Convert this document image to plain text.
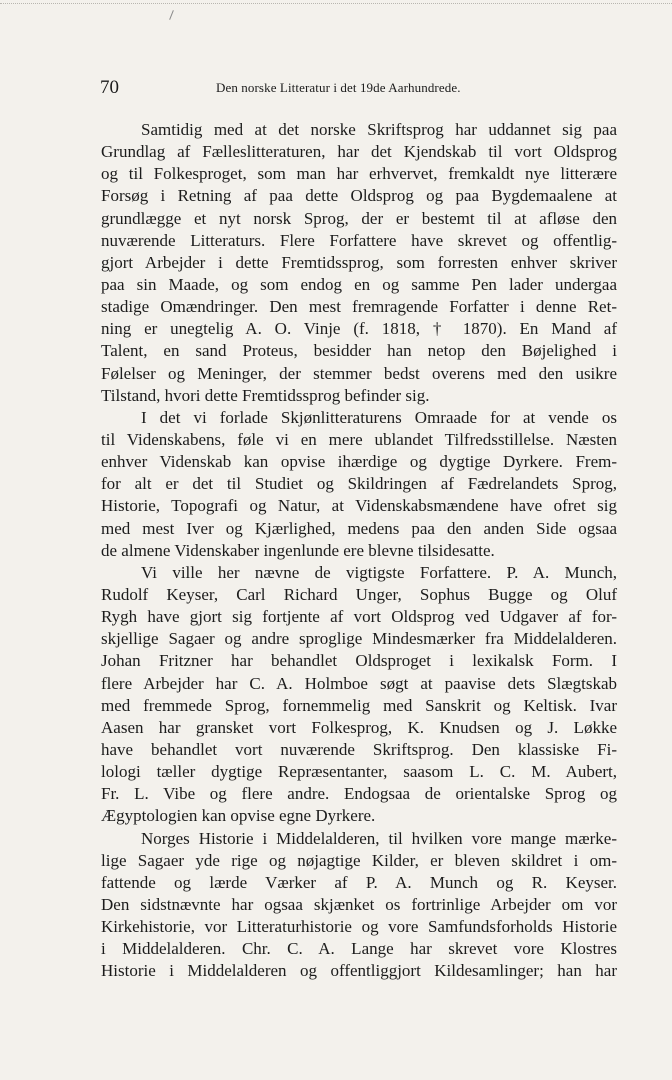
70	Den norske Litteratur i det 19de Aarhundrede.
Samtidig med at det norske Skriftsprog har uddannet sig paa
Grundlag af Fælleslitteraturen, har det Kjendskab til vort Oldsprog
og til Folkesproget, som man har erhvervet, fremkaldt nye litterære
Forsøg i Retning af paa dette Oldsprog og paa Bygdemaalene at
grundlægge et nyt norsk Sprog, der er bestemt til at afløse den
nuværende Litteraturs. Flere Forfattere have skrevet og offentlig-
gjort Arbejder i dette Fremtidssprog, som forresten enhver skriver
paa sin Maade, og som endog en og samme Pen lader undergaa
stadige Omændringer. Den mest fremragende Forfatter i denne Ret-
ning er unegtelig A. O. Vinje (f. 1818, † 1870). En Mand af
Talent, en sand Proteus, besidder han netop den Bøjelighed i
Følelser og Meninger, der stemmer bedst overens med den usikre
Tilstand, hvori dette Fremtidssprog befinder sig.
I det vi forlade Skjønlitteraturens Omraade for at vende os
til Videnskabens, føle vi en mere ublandet Tilfredsstillelse. Næsten
enhver Videnskab kan opvise ihærdige og dygtige Dyrkere. Frem-
for alt er det til Studiet og Skildringen af Fædrelandets Sprog,
Historie, Topografi og Natur, at Videnskabsmændene have ofret sig
med mest Iver og Kjærlighed, medens paa den anden Side ogsaa
de almene Videnskaber ingenlunde ere blevne tilsidesatte.
Vi ville her nævne de vigtigste Forfattere. P. A. Munch,
Rudolf Keyser, Carl Richard Unger, Sophus Bugge og Oluf
Rygh have gjort sig fortjente af vort Oldsprog ved Udgaver af for-
skjellige Sagaer og andre sproglige Mindesmærker fra Middelalderen.
Johan Fritzner har behandlet Oldsproget i lexikalsk Form. I
flere Arbejder har C. A. Holmboe søgt at paavise dets Slægtskab
med fremmede Sprog, fornemmelig med Sanskrit og Keltisk. Ivar
Aasen har gransket vort Folkesprog, K. Knudsen og J. Løkke
have behandlet vort nuværende Skriftsprog. Den klassiske Fi-
lologi tæller dygtige Repræsentanter, saasom L. C. M. Aubert,
Fr. L. Vibe og flere andre. Endogsaa de orientalske Sprog og
Ægyptologien kan opvise egne Dyrkere.
Norges Historie i Middelalderen, til hvilken vore mange mærke-
lige Sagaer yde rige og nøjagtige Kilder, er bleven skildret i om-
fattende og lærde Værker af P. A. Munch og R. Keyser.
Den sidstnævnte har ogsaa skjænket os fortrinlige Arbejder om vor
Kirkehistorie, vor Litteraturhistorie og vore Samfundsforholds Historie
i Middelalderen. Chr. C. A. Lange har skrevet vore Klostres
Historie i Middelalderen og offentliggjort Kildesamlinger; han har
